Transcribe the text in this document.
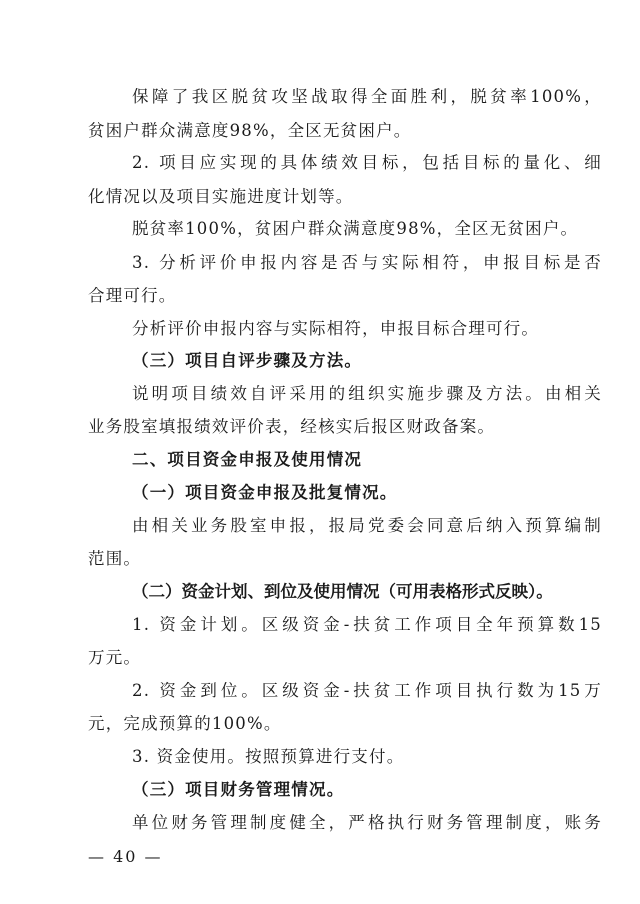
保障了我区脱贫攻坚战取得全面胜利，脱贫率100%，
贫困户群众满意度98%，全区无贫困户。
2. 项目应实现的具体绩效目标，包括目标的量化、细
化情况以及项目实施进度计划等。
脱贫率100%，贫困户群众满意度98%，全区无贫困户。
3. 分析评价申报内容是否与实际相符，申报目标是否
合理可行。
分析评价申报内容与实际相符，申报目标合理可行。
（三）项目自评步骤及方法。
说明项目绩效自评采用的组织实施步骤及方法。由相关
业务股室填报绩效评价表，经核实后报区财政备案。
二、项目资金申报及使用情况
（一）项目资金申报及批复情况。
由相关业务股室申报，报局党委会同意后纳入预算编制
范围。
（二）资金计划、到位及使用情况（可用表格形式反映）。
1. 资金计划。区级资金-扶贫工作项目全年预算数15
万元。
2. 资金到位。区级资金-扶贫工作项目执行数为15万
元，完成预算的100%。
3. 资金使用。按照预算进行支付。
（三）项目财务管理情况。
单位财务管理制度健全，严格执行财务管理制度，账务
— 40 —
